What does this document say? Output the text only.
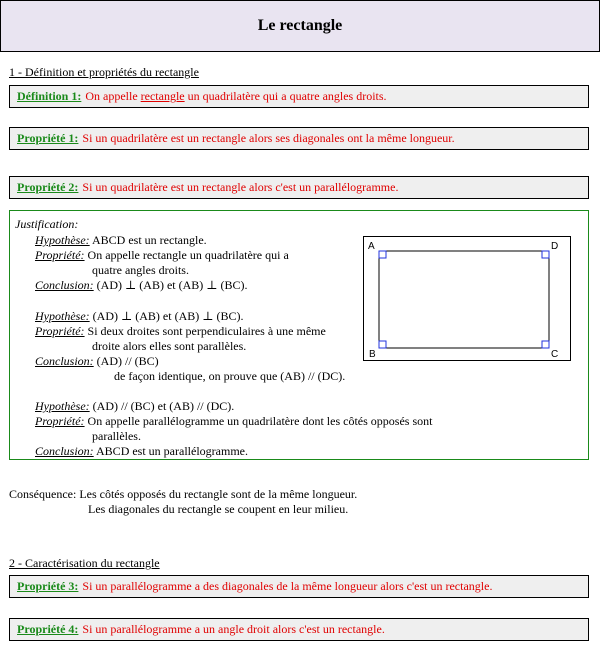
Le rectangle
1 - Définition et propriétés du rectangle
Définition 1: On appelle rectangle un quadrilatère qui a quatre angles droits.
Propriété 1: Si un quadrilatère est un rectangle alors ses diagonales ont la même longueur.
Propriété 2: Si un quadrilatère est un rectangle alors c'est un parallélogramme.
Justification:
Hypothèse: ABCD est un rectangle.
Propriété: On appelle rectangle un quadrilatère qui a
quatre angles droits.
Conclusion: (AD) ⊥ (AB) et (AB) ⊥ (BC).
Hypothèse: (AD) ⊥ (AB) et (AB) ⊥ (BC).
Propriété: Si deux droites sont perpendiculaires à une même
droite alors elles sont parallèles.
Conclusion: (AD) // (BC)
de façon identique, on prouve que (AB) // (DC).
Hypothèse: (AD) // (BC) et (AB) // (DC).
Propriété: On appelle parallélogramme un quadrilatère dont les côtés opposés sont
parallèles.
Conclusion: ABCD est un parallélogramme.
A	D
B	C
Conséquence: Les côtés opposés du rectangle sont de la même longueur.
Les diagonales du rectangle se coupent en leur milieu.
2 - Caractérisation du rectangle
Propriété 3: Si un parallélogramme a des diagonales de la même longueur alors c'est un rectangle.
Propriété 4: Si un parallélogramme a un angle droit alors c'est un rectangle.
